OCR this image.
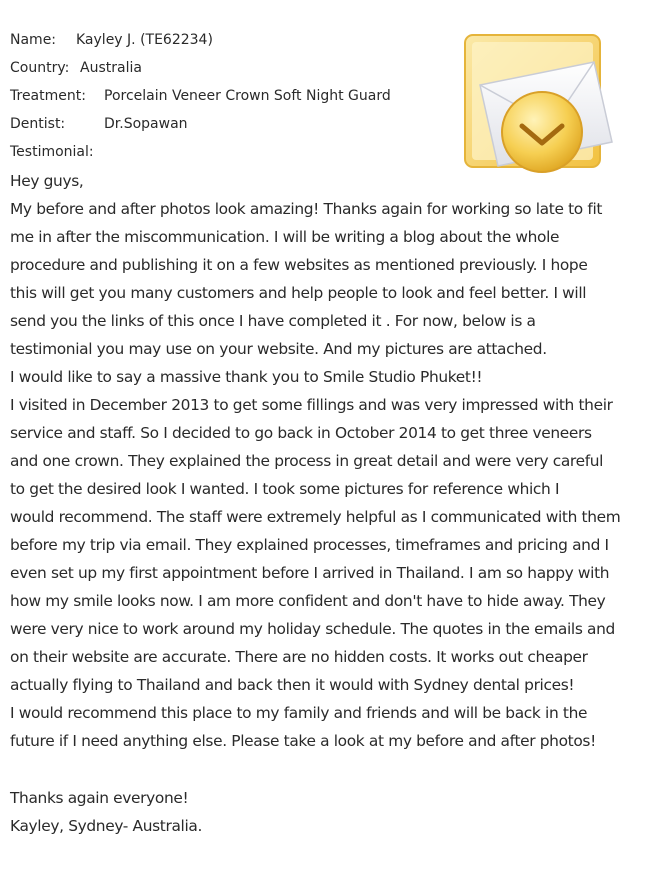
Name: Kayley J. (TE62234)
Country: Australia
Treatment: Porcelain Veneer Crown Soft Night Guard
Dentist:	Dr.Sopawan
Testimonial:
Hey guys,
My before and after photos look amazing! Thanks again for working so late to fit
me in after the miscommunication. I will be writing a blog about the whole
procedure and publishing it on a few websites as mentioned previously. I hope
this will get you many customers and help people to look and feel better. I will
send you the links of this once I have completed it . For now, below is a
testimonial you may use on your website. And my pictures are attached.
I would like to say a massive thank you to Smile Studio Phuket!!
I visited in December 2013 to get some fillings and was very impressed with their
service and staff. So I decided to go back in October 2014 to get three veneers
and one crown. They explained the process in great detail and were very careful
to get the desired look I wanted. I took some pictures for reference which I
would recommend. The staff were extremely helpful as I communicated with them
before my trip via email. They explained processes, timeframes and pricing and I
even set up my first appointment before I arrived in Thailand. I am so happy with
how my smile looks now. I am more confident and don't have to hide away. They
were very nice to work around my holiday schedule. The quotes in the emails and
on their website are accurate. There are no hidden costs. It works out cheaper
actually flying to Thailand and back then it would with Sydney dental prices!
I would recommend this place to my family and friends and will be back in the
future if I need anything else. Please take a look at my before and after photos!
Thanks again everyone!
Kayley, Sydney- Australia.
